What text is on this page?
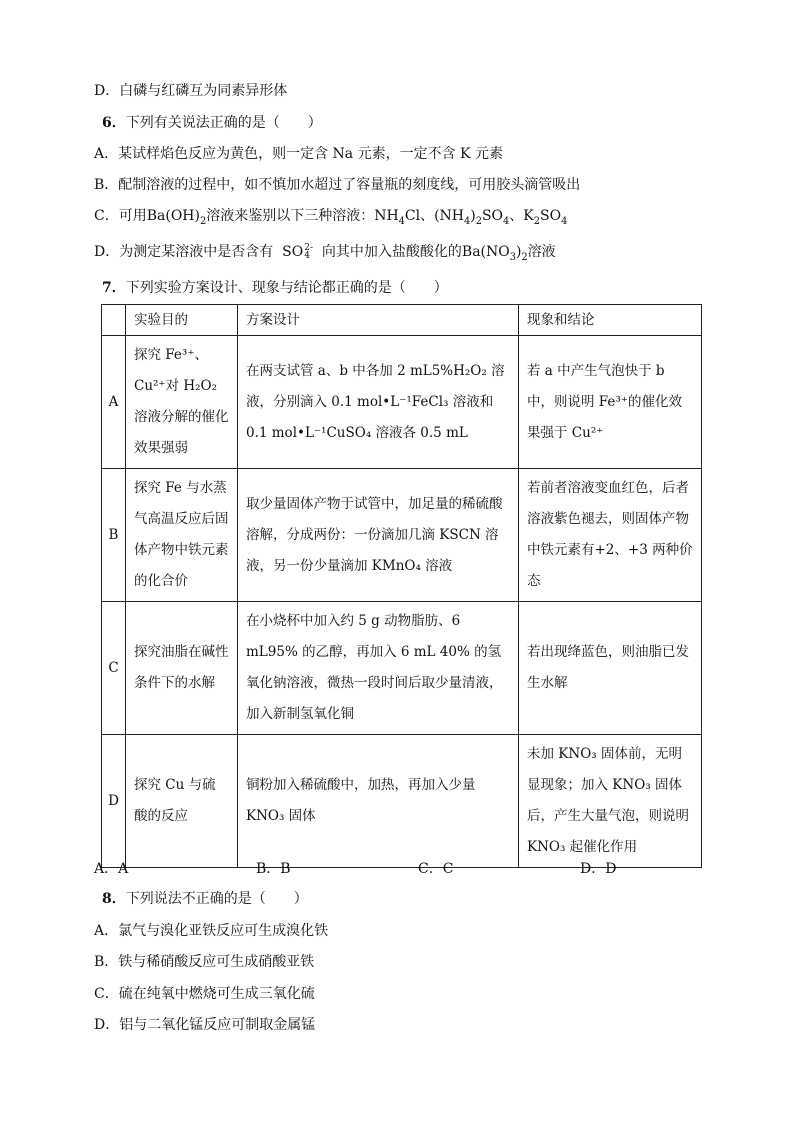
D．白磷与红磷互为同素异形体
6．下列有关说法正确的是（　　）
A．某试样焰色反应为黄色，则一定含 Na 元素，一定不含 K 元素
B．配制溶液的过程中，如不慎加水超过了容量瓶的刻度线，可用胶头滴管吸出
C．可用$Ba(OH)_2$溶液来鉴别以下三种溶液：$NH_4Cl$、$(NH_4)_2SO_4$、$K_2SO_4$
D．为测定某溶液中是否含有 SO 2-
4 向其中加入盐酸酸化的$Ba(NO_3)_2$溶液
7．下列实验方案设计、现象与结论都正确的是（　　）
	实验目的	方案设计	现象和结论
A	探究 Fe³⁺、Cu²⁺对 H₂O₂ 溶液分解的催化效果强弱	在两支试管 a、b 中各加 2 mL5%H₂O₂ 溶液，分别滴入 0.1 mol•L⁻¹FeCl₃ 溶液和 0.1 mol•L⁻¹CuSO₄ 溶液各 0.5 mL	若 a 中产生气泡快于 b 中，则说明 Fe³⁺的催化效果强于 Cu²⁺
B	探究 Fe 与水蒸气高温反应后固体产物中铁元素的化合价	取少量固体产物于试管中，加足量的稀硫酸溶解，分成两份：一份滴加几滴 KSCN 溶液，另一份少量滴加 KMnO₄ 溶液	若前者溶液变血红色，后者溶液紫色褪去，则固体产物中铁元素有+2、+3 两种价态
C	探究油脂在碱性条件下的水解	在小烧杯中加入约 5 g 动物脂肪、6 mL95% 的乙醇，再加入 6 mL 40% 的氢氧化钠溶液，微热一段时间后取少量清液，加入新制氢氧化铜	若出现绛蓝色，则油脂已发生水解
D	探究 Cu 与硫酸的反应	铜粉加入稀硫酸中，加热，再加入少量 KNO₃ 固体	未加 KNO₃ 固体前，无明显现象；加入 KNO₃ 固体后，产生大量气泡，则说明 KNO₃ 起催化作用
A．A	B．B	C．C	D．D
8．下列说法不正确的是（　　）
A．氯气与溴化亚铁反应可生成溴化铁
B．铁与稀硝酸反应可生成硝酸亚铁
C．硫在纯氧中燃烧可生成三氧化硫
D．铝与二氧化锰反应可制取金属锰
